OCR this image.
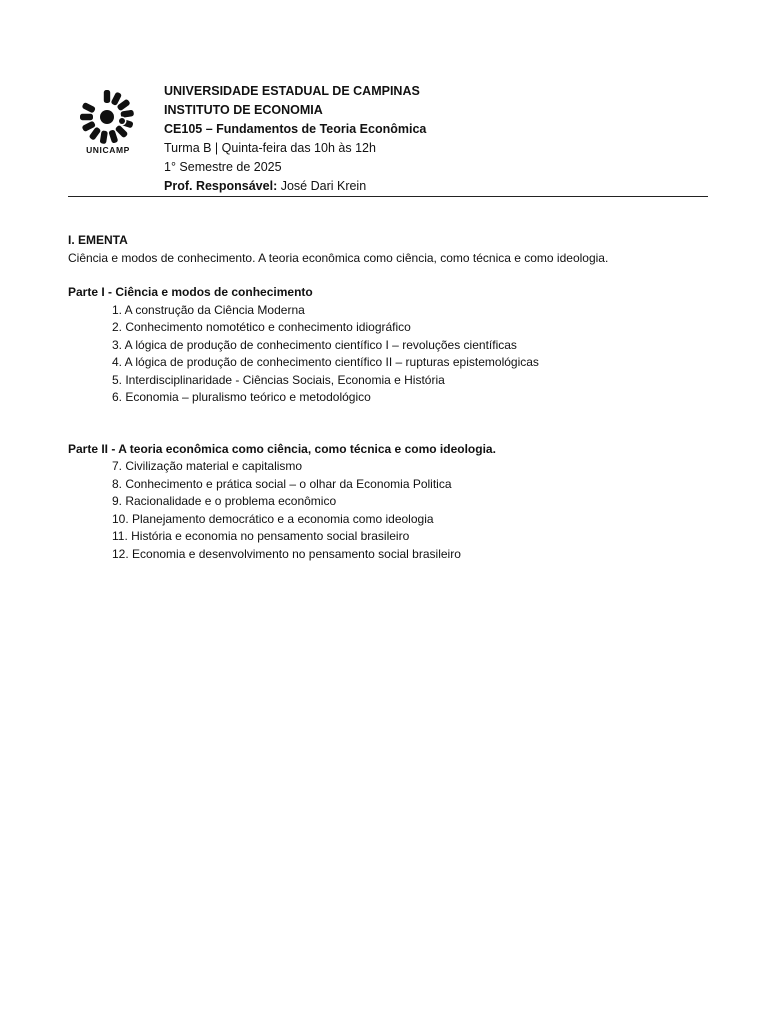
UNICAMP
UNIVERSIDADE ESTADUAL DE CAMPINAS
INSTITUTO DE ECONOMIA
CE105 – Fundamentos de Teoria Econômica
Turma B | Quinta-feira das 10h às 12h
1° Semestre de 2025
Prof. Responsável: José Dari Krein
I. EMENTA
Ciência e modos de conhecimento. A teoria econômica como ciência, como técnica e como ideologia.
Parte I - Ciência e modos de conhecimento
1. A construção da Ciência Moderna
2. Conhecimento nomotético e conhecimento idiográfico
3. A lógica de produção de conhecimento científico I – revoluções científicas
4. A lógica de produção de conhecimento científico II – rupturas epistemológicas
5. Interdisciplinaridade - Ciências Sociais, Economia e História
6. Economia – pluralismo teórico e metodológico
Parte II - A teoria econômica como ciência, como técnica e como ideologia.
7. Civilização material e capitalismo
8. Conhecimento e prática social – o olhar da Economia Politica
9. Racionalidade e o problema econômico
10. Planejamento democrático e a economia como ideologia
11. História e economia no pensamento social brasileiro
12. Economia e desenvolvimento no pensamento social brasileiro
